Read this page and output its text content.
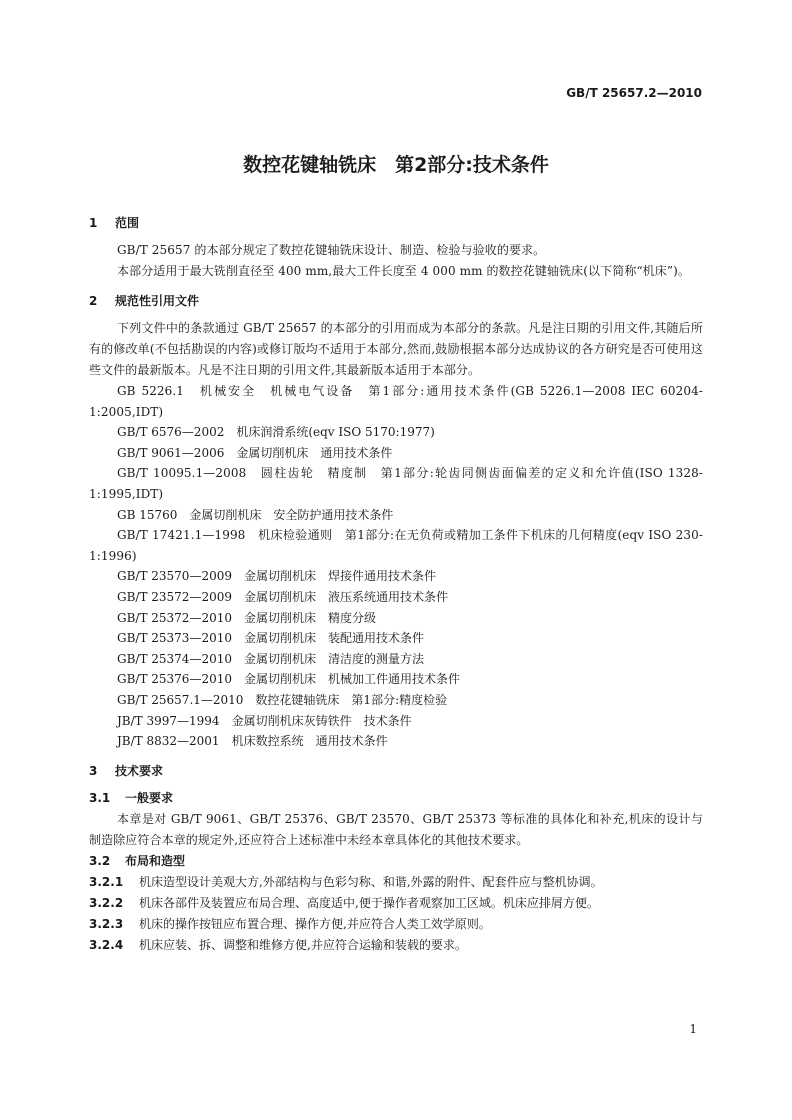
GB/T 25657.2—2010
数控花键轴铣床　第2部分:技术条件
1 范围
GB/T 25657 的本部分规定了数控花键轴铣床设计、制造、检验与验收的要求。
本部分适用于最大铣削直径至 400 mm,最大工件长度至 4 000 mm 的数控花键轴铣床(以下简称“机床”)。
2 规范性引用文件
下列文件中的条款通过 GB/T 25657 的本部分的引用而成为本部分的条款。凡是注日期的引用文件,其随后所有的修改单(不包括勘误的内容)或修订版均不适用于本部分,然而,鼓励根据本部分达成协议的各方研究是否可使用这些文件的最新版本。凡是不注日期的引用文件,其最新版本适用于本部分。
GB 5226.1　机械安全　机械电气设备　第1部分:通用技术条件(GB 5226.1—2008 IEC 60204-1:2005,IDT)
GB/T 6576—2002　机床润滑系统(eqv ISO 5170:1977)
GB/T 9061—2006　金属切削机床　通用技术条件
GB/T 10095.1—2008　圆柱齿轮　精度制　第1部分:轮齿同侧齿面偏差的定义和允许值(ISO 1328-1:1995,IDT)
GB 15760　金属切削机床　安全防护通用技术条件
GB/T 17421.1—1998　机床检验通则　第1部分:在无负荷或精加工条件下机床的几何精度(eqv ISO 230-1:1996)
GB/T 23570—2009　金属切削机床　焊接件通用技术条件
GB/T 23572—2009　金属切削机床　液压系统通用技术条件
GB/T 25372—2010　金属切削机床　精度分级
GB/T 25373—2010　金属切削机床　装配通用技术条件
GB/T 25374—2010　金属切削机床　清洁度的测量方法
GB/T 25376—2010　金属切削机床　机械加工件通用技术条件
GB/T 25657.1—2010　数控花键轴铣床　第1部分:精度检验
JB/T 3997—1994　金属切削机床灰铸铁件　技术条件
JB/T 8832—2001　机床数控系统　通用技术条件
3 技术要求
3.1 一般要求
本章是对 GB/T 9061、GB/T 25376、GB/T 23570、GB/T 25373 等标准的具体化和补充,机床的设计与制造除应符合本章的规定外,还应符合上述标准中未经本章具体化的其他技术要求。
3.2 布局和造型
3.2.1 机床造型设计美观大方,外部结构与色彩匀称、和谐,外露的附件、配套件应与整机协调。
3.2.2 机床各部件及装置应布局合理、高度适中,便于操作者观察加工区域。机床应排屑方便。
3.2.3 机床的操作按钮应布置合理、操作方便,并应符合人类工效学原则。
3.2.4 机床应装、拆、调整和维修方便,并应符合运输和装载的要求。
1
